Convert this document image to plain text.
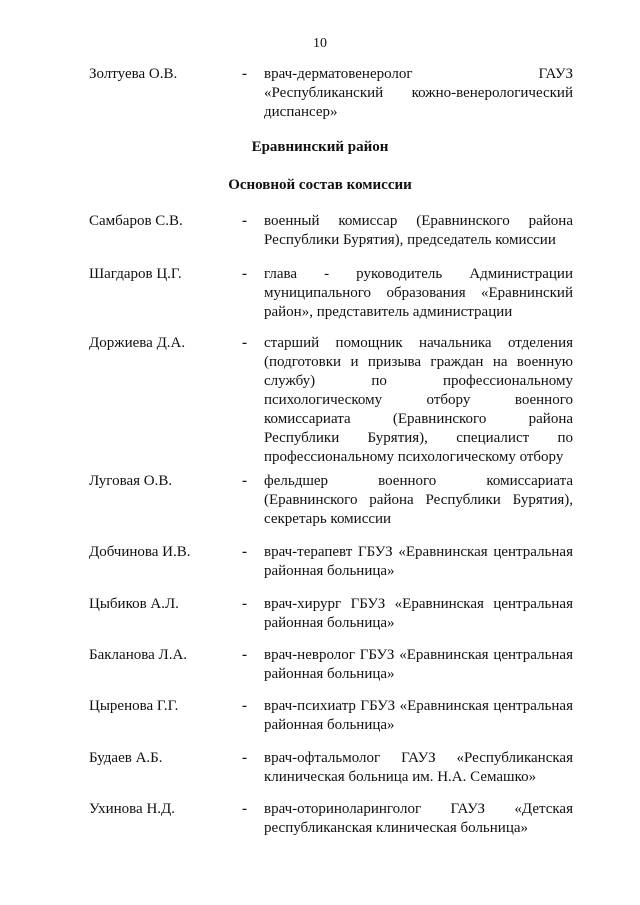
10
Золтуева О.В.	- врач-дерматовенеролог ГАУЗ «Республиканский кожно-венерологический диспансер»
Еравнинский район
Основной состав комиссии
Самбаров С.В.	- военный комиссар (Еравнинского района Республики Бурятия), председатель комиссии
Шагдаров Ц.Г.	- глава - руководитель Администрации муниципального образования «Еравнинский район», представитель администрации
Доржиева Д.А.	- старший помощник начальника отделения (подготовки и призыва граждан на военную службу) по профессиональному психологическому отбору военного комиссариата (Еравнинского района Республики Бурятия), специалист по профессиональному психологическому отбору
Луговая О.В.	- фельдшер военного комиссариата (Еравнинского района Республики Бурятия), секретарь комиссии
Добчинова И.В.	- врач-терапевт ГБУЗ «Еравнинская центральная районная больница»
Цыбиков А.Л.	- врач-хирург ГБУЗ «Еравнинская центральная районная больница»
Бакланова Л.А.	- врач-невролог ГБУЗ «Еравнинская центральная районная больница»
Цыренова Г.Г.	- врач-психиатр ГБУЗ «Еравнинская центральная районная больница»
Будаев А.Б.	- врач-офтальмолог ГАУЗ «Республиканская клиническая больница им. Н.А. Семашко»
Ухинова Н.Д.	- врач-оториноларинголог ГАУЗ «Детская республиканская клиническая больница»
